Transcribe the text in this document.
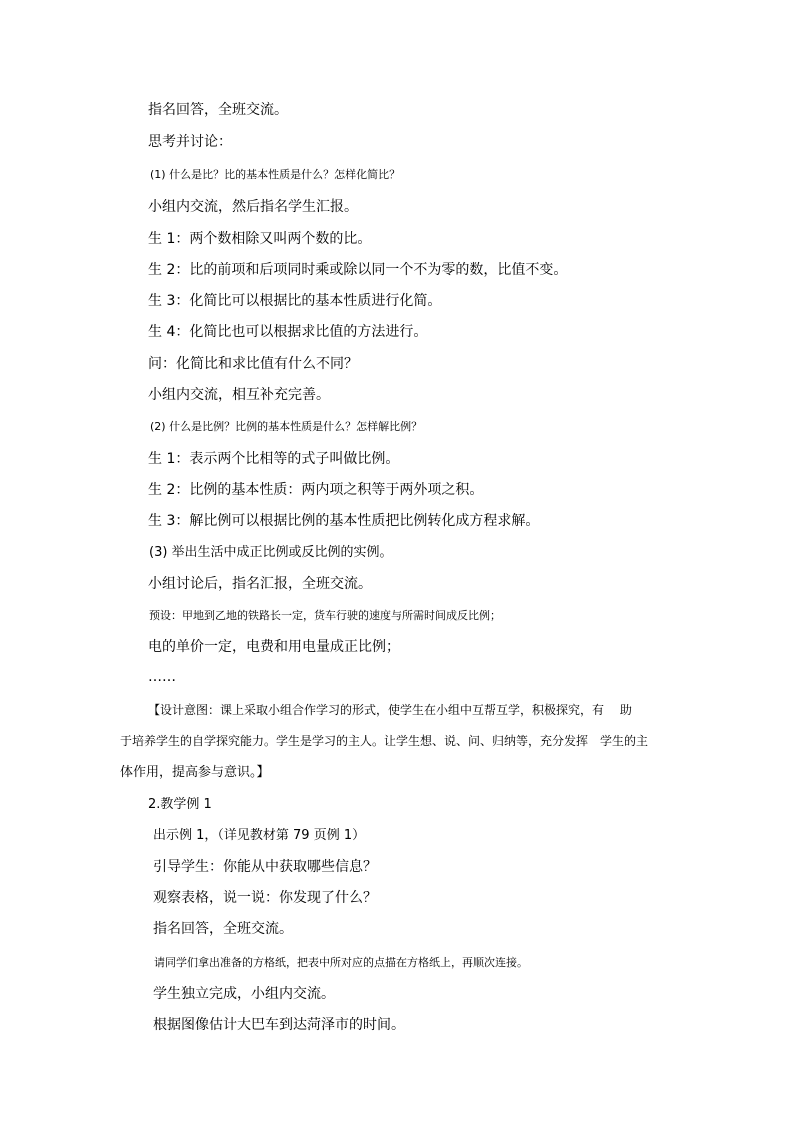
指名回答，全班交流。
思考并讨论：
(1) 什么是比？比的基本性质是什么？怎样化简比？
小组内交流，然后指名学生汇报。
生 1：两个数相除又叫两个数的比。
生 2：比的前项和后项同时乘或除以同一个不为零的数，比值不变。
生 3：化简比可以根据比的基本性质进行化简。
生 4：化简比也可以根据求比值的方法进行。
问：化简比和求比值有什么不同？
小组内交流，相互补充完善。
(2) 什么是比例？比例的基本性质是什么？怎样解比例？
生 1：表示两个比相等的式子叫做比例。
生 2：比例的基本性质：两内项之积等于两外项之积。
生 3：解比例可以根据比例的基本性质把比例转化成方程求解。
(3) 举出生活中成正比例或反比例的实例。
小组讨论后，指名汇报，全班交流。
预设：甲地到乙地的铁路长一定，货车行驶的速度与所需时间成反比例；
电的单价一定，电费和用电量成正比例；
……
【设计意图：课上采取小组合作学习的形式，使学生在小组中互帮互学，积极探究，有　 助
于培养学生的自学探究能力。学生是学习的主人。让学生想、说、问、归纳等，充分发挥　学生的主
体作用，提高参与意识。】
2.教学例 1
出示例 1，（详见教材第 79 页例 1）
引导学生：你能从中获取哪些信息？
观察表格，说一说：你发现了什么？
指名回答，全班交流。
请同学们拿出准备的方格纸，把表中所对应的点描在方格纸上，再顺次连接。
学生独立完成，小组内交流。
根据图像估计大巴车到达菏泽市的时间。
